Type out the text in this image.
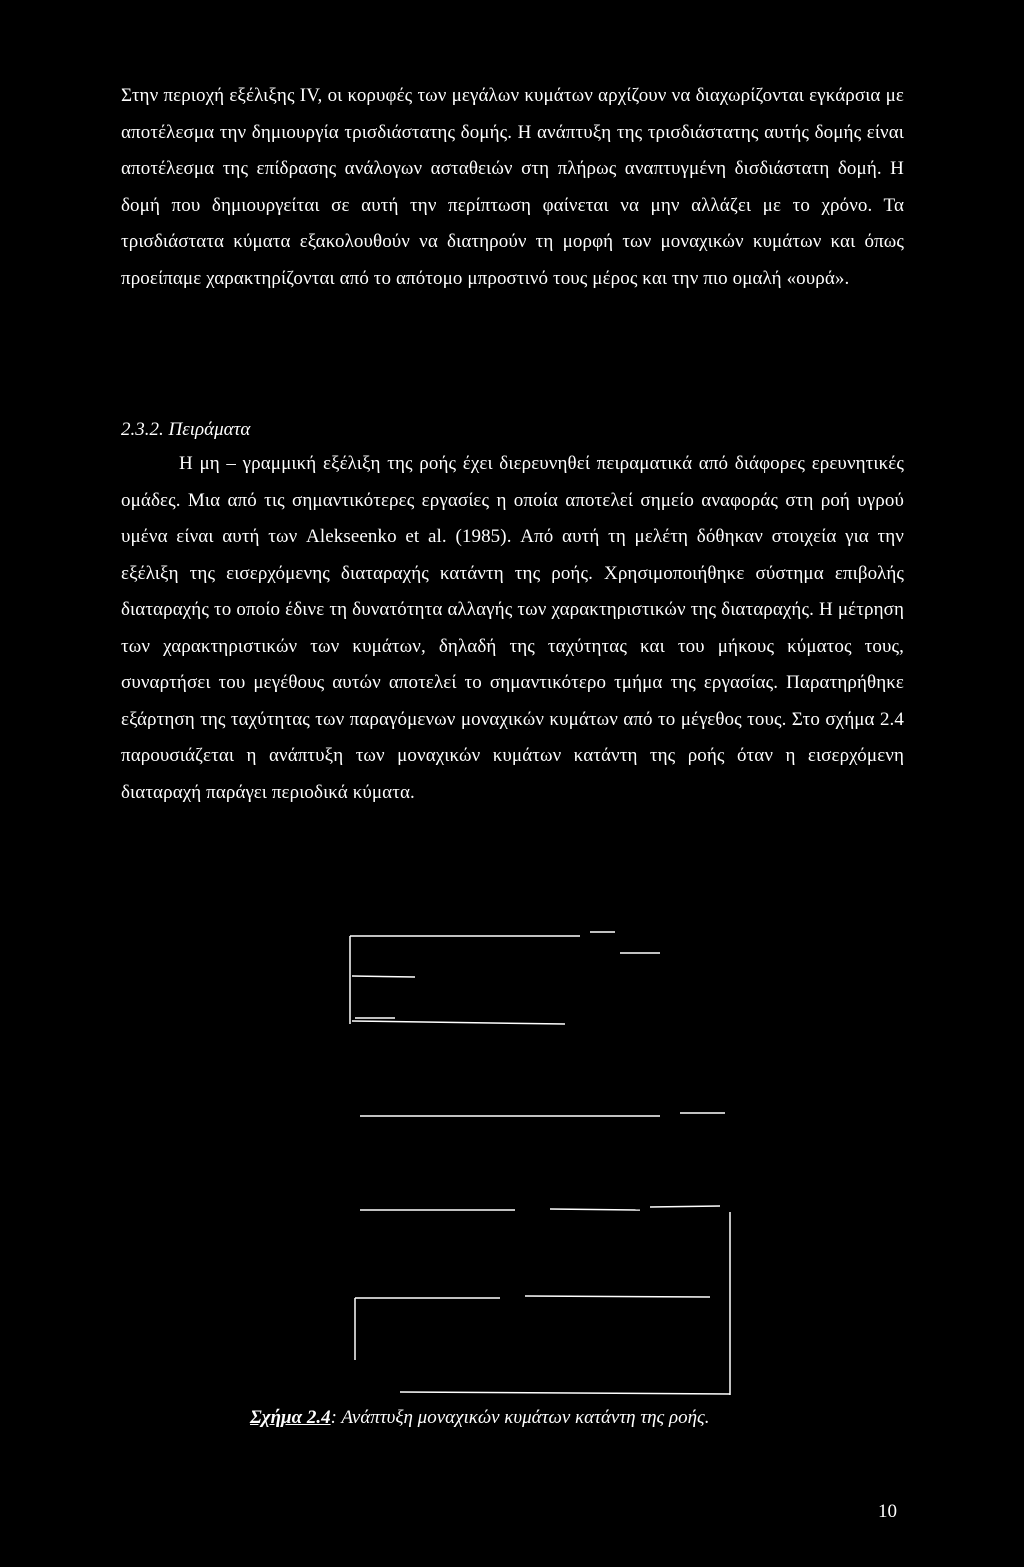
Στην περιοχή εξέλιξης IV, οι κορυφές των μεγάλων κυμάτων αρχίζουν να διαχωρίζονται εγκάρσια με αποτέλεσμα την δημιουργία τρισδιάστατης δομής. Η ανάπτυξη της τρισδιάστατης αυτής δομής είναι αποτέλεσμα της επίδρασης ανάλογων ασταθειών στη πλήρως αναπτυγμένη δισδιάστατη δομή. Η δομή που δημιουργείται σε αυτή την περίπτωση φαίνεται να μην αλλάζει με το χρόνο. Τα τρισδιάστατα κύματα εξακολουθούν να διατηρούν τη μορφή των μοναχικών κυμάτων και όπως προείπαμε χαρακτηρίζονται από το απότομο μπροστινό τους μέρος και την πιο ομαλή «ουρά».
2.3.2. Πειράματα
Η μη – γραμμική εξέλιξη της ροής έχει διερευνηθεί πειραματικά από διάφορες ερευνητικές ομάδες. Μια από τις σημαντικότερες εργασίες η οποία αποτελεί σημείο αναφοράς στη ροή υγρού υμένα είναι αυτή των Alekseenko et al. (1985). Από αυτή τη μελέτη δόθηκαν στοιχεία για την εξέλιξη της εισερχόμενης διαταραχής κατάντη της ροής. Χρησιμοποιήθηκε σύστημα επιβολής διαταραχής το οποίο έδινε τη δυνατότητα αλλαγής των χαρακτηριστικών της διαταραχής. Η μέτρηση των χαρακτηριστικών των κυμάτων, δηλαδή της ταχύτητας και του μήκους κύματος τους, συναρτήσει του μεγέθους αυτών αποτελεί το σημαντικότερο τμήμα της εργασίας. Παρατηρήθηκε εξάρτηση της ταχύτητας των παραγόμενων μοναχικών κυμάτων από το μέγεθος τους. Στο σχήμα 2.4 παρουσιάζεται η ανάπτυξη των μοναχικών κυμάτων κατάντη της ροής όταν η εισερχόμενη διαταραχή παράγει περιοδικά κύματα.
Σχήμα 2.4: Ανάπτυξη μοναχικών κυμάτων κατάντη της ροής.
10
